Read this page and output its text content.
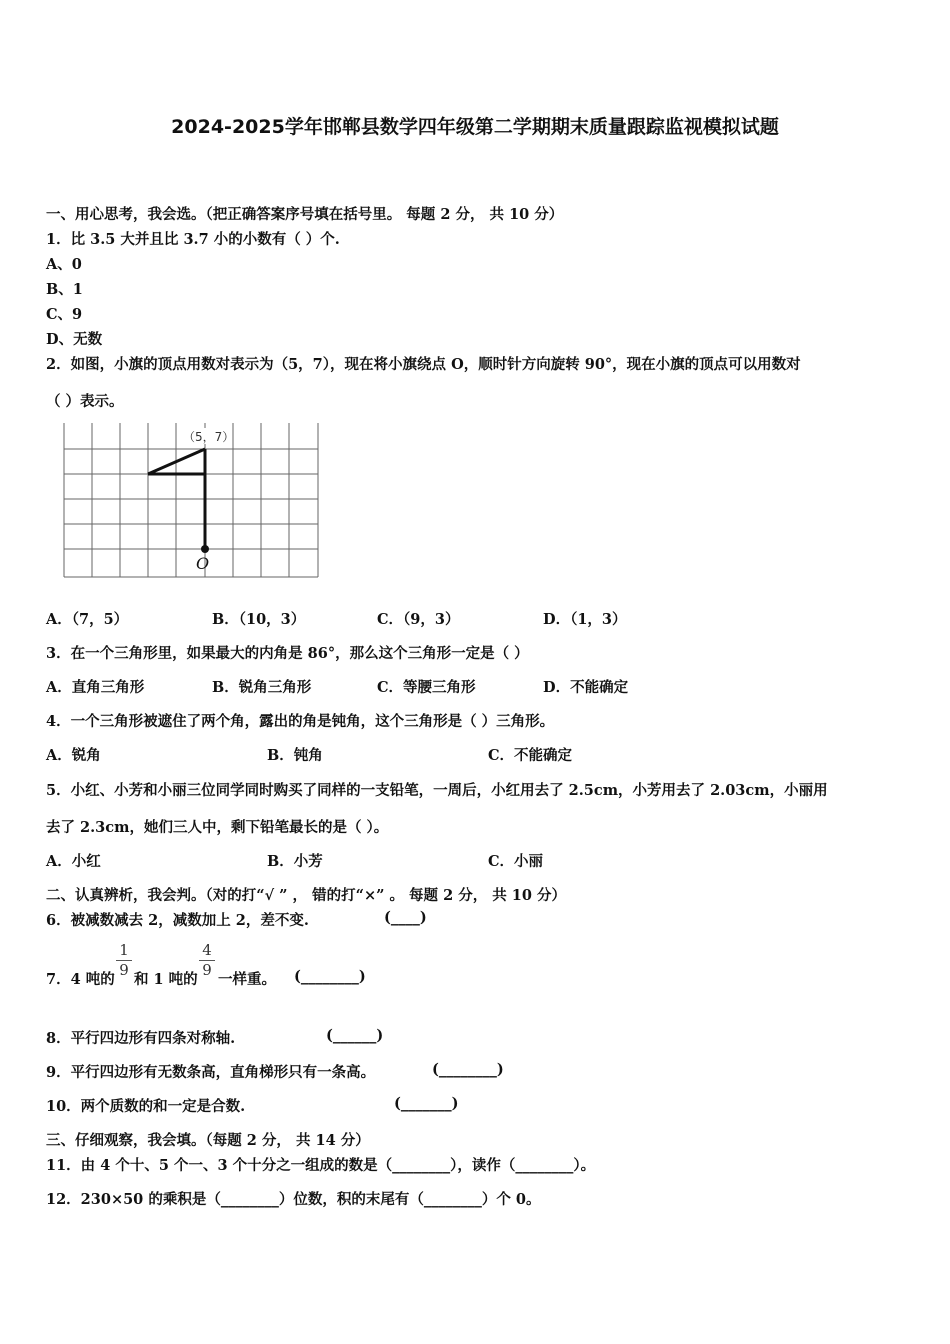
2024-2025学年邯郸县数学四年级第二学期期末质量跟踪监视模拟试题
一、用心思考，我会选。（把正确答案序号填在括号里。 每题 2 分， 共 10 分）
1．比 3.5 大并且比 3.7 小的小数有（ ）个.
A、0
B、1
C、9
D、无数
2．如图，小旗的顶点用数对表示为（5，7），现在将小旗绕点 O，顺时针方向旋转 90°，现在小旗的顶点可以用数对
（ ）表示。
（5，7）
O
A．（7，5）	B．（10，3）	C．（9，3）	D．（1，3）
3．在一个三角形里，如果最大的内角是 86°，那么这个三角形一定是（ ）
A．直角三角形	B．锐角三角形	C．等腰三角形	D．不能确定
4．一个三角形被遮住了两个角，露出的角是钝角，这个三角形是（ ）三角形。
A．锐角	B．钝角	C．不能确定
5．小红、小芳和小丽三位同学同时购买了同样的一支铅笔，一周后，小红用去了 2.5cm，小芳用去了 2.03cm，小丽用
去了 2.3cm，她们三人中，剩下铅笔最长的是（ ）。
A．小红	B．小芳	C．小丽
二、认真辨析，我会判。（对的打“√ ” ， 错的打“×” 。 每题 2 分， 共 10 分）
6．被减数减去 2，减数加上 2，差不变.	(____)
7．4 吨的
1
9
和 1 吨的
4
9
一样重。 (________)
8．平行四边形有四条对称轴.	(______)
9．平行四边形有无数条高，直角梯形只有一条高。	(________)
10．两个质数的和一定是合数.	(_______)
三、仔细观察，我会填。（每题 2 分， 共 14 分）
11．由 4 个十、5 个一、3 个十分之一组成的数是（________），读作（________）。
12．230×50 的乘积是（________）位数，积的末尾有（________）个 0。
